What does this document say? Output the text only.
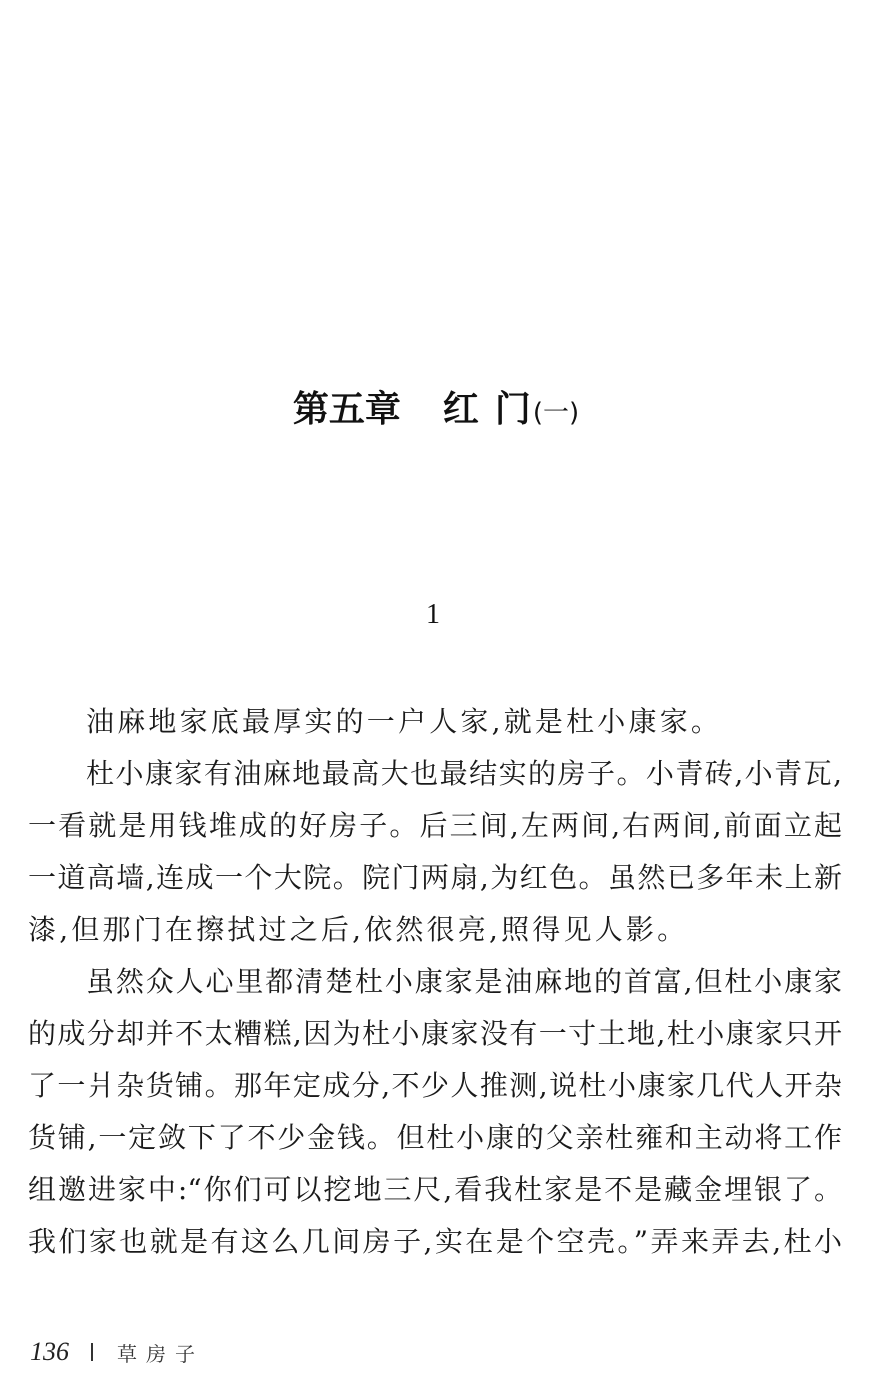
第五章 红 门(一)
1
油麻地家底最厚实的一户人家,就是杜小康家。
杜小康家有油麻地最高大也最结实的房子。小青砖,小青瓦,
一看就是用钱堆成的好房子。后三间,左两间,右两间,前面立起
一道高墙,连成一个大院。院门两扇,为红色。虽然已多年未上新
漆,但那门在擦拭过之后,依然很亮,照得见人影。
虽然众人心里都清楚杜小康家是油麻地的首富,但杜小康家
的成分却并不太糟糕,因为杜小康家没有一寸土地,杜小康家只开
了一爿杂货铺。那年定成分,不少人推测,说杜小康家几代人开杂
货铺,一定敛下了不少金钱。但杜小康的父亲杜雍和主动将工作
组邀进家中:“你们可以挖地三尺,看我杜家是不是藏金埋银了。
我们家也就是有这么几间房子,实在是个空壳。”弄来弄去,杜小
136 草房子
